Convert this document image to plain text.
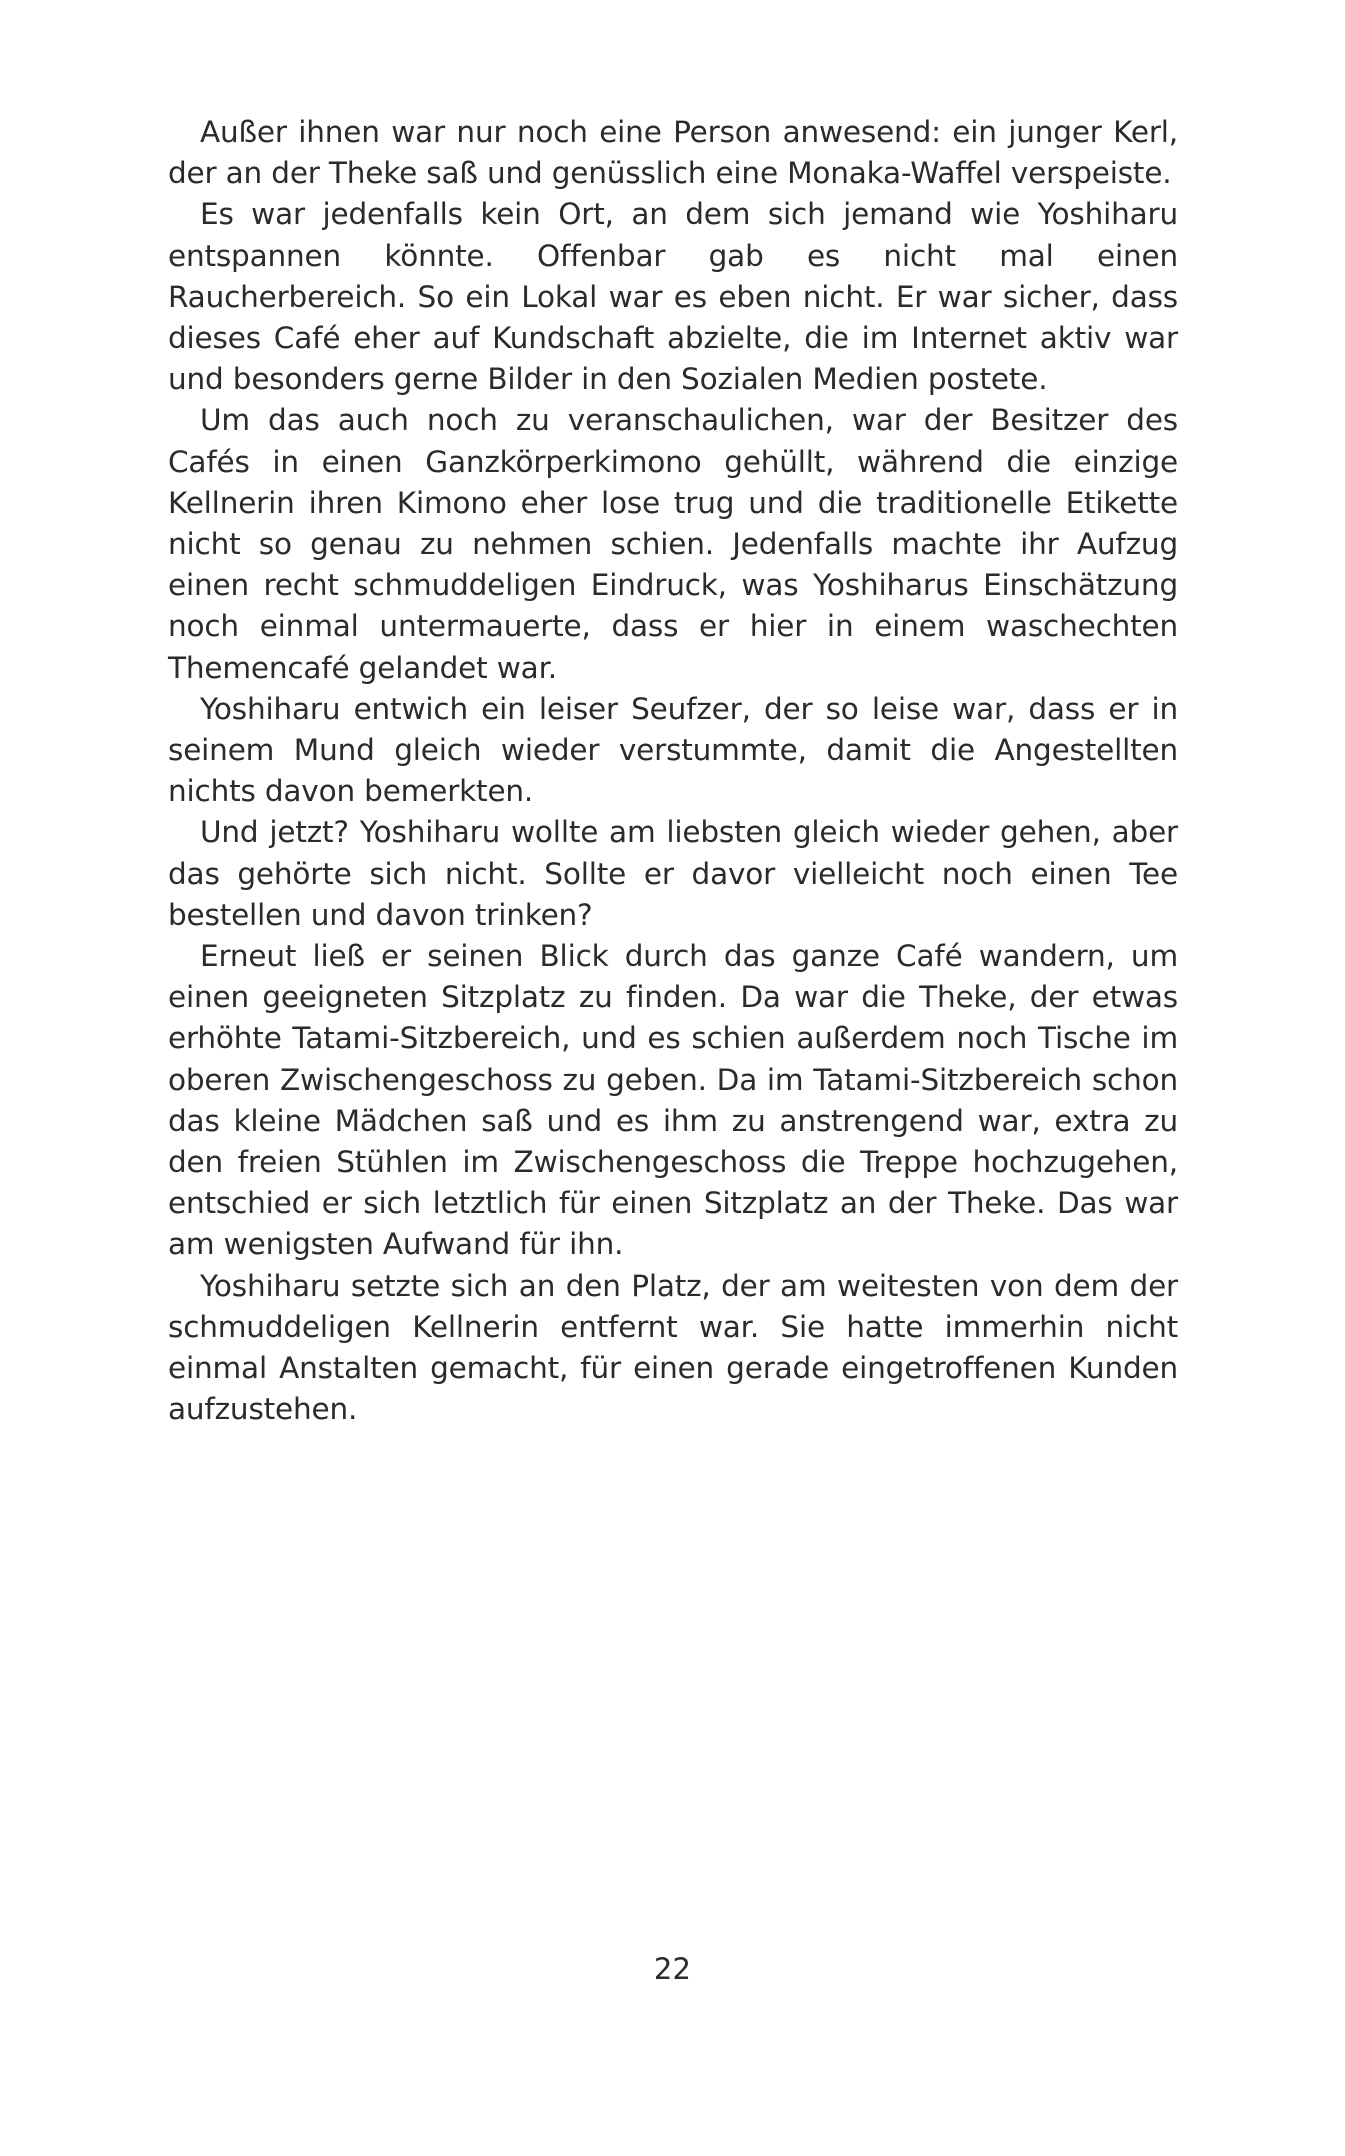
Außer ihnen war nur noch eine Person anwesend: ein junger Kerl, der an der Theke saß und genüsslich eine Monaka-Waffel verspeiste.

Es war jedenfalls kein Ort, an dem sich jemand wie Yoshiharu entspannen könnte. Offenbar gab es nicht mal einen Raucherbereich. So ein Lokal war es eben nicht. Er war sicher, dass dieses Café eher auf Kundschaft abzielte, die im Internet aktiv war und besonders gerne Bilder in den Sozialen Medien postete.

Um das auch noch zu veranschaulichen, war der Besitzer des Cafés in einen Ganzkörperkimono gehüllt, während die einzige Kellnerin ihren Kimono eher lose trug und die traditionelle Etikette nicht so genau zu nehmen schien. Jedenfalls machte ihr Aufzug einen recht schmuddeligen Eindruck, was Yoshiharus Einschätzung noch einmal untermauerte, dass er hier in einem waschechten Themencafé gelandet war.

Yoshiharu entwich ein leiser Seufzer, der so leise war, dass er in seinem Mund gleich wieder verstummte, damit die Angestellten nichts davon bemerkten.

Und jetzt? Yoshiharu wollte am liebsten gleich wieder gehen, aber das gehörte sich nicht. Sollte er davor vielleicht noch einen Tee bestellen und davon trinken?

Erneut ließ er seinen Blick durch das ganze Café wandern, um einen geeigneten Sitzplatz zu finden. Da war die Theke, der etwas erhöhte Tatami-Sitzbereich, und es schien außerdem noch Tische im oberen Zwischengeschoss zu geben. Da im Tatami-Sitzbereich schon das kleine Mädchen saß und es ihm zu anstrengend war, extra zu den freien Stühlen im Zwischengeschoss die Treppe hochzugehen, entschied er sich letztlich für einen Sitzplatz an der Theke. Das war am wenigsten Aufwand für ihn.

Yoshiharu setzte sich an den Platz, der am weitesten von dem der schmuddeligen Kellnerin entfernt war. Sie hatte immerhin nicht einmal Anstalten gemacht, für einen gerade eingetroffenen Kunden aufzustehen.

22
